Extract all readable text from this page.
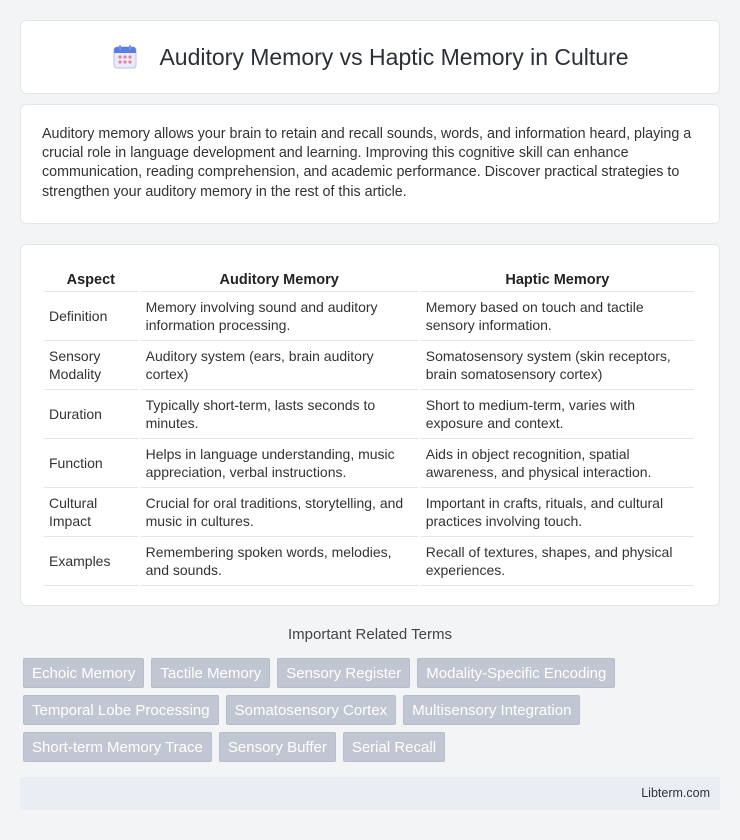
Auditory Memory vs Haptic Memory in Culture

Auditory memory allows your brain to retain and recall sounds, words, and information heard, playing a crucial role in language development and learning. Improving this cognitive skill can enhance communication, reading comprehension, and academic performance. Discover practical strategies to strengthen your auditory memory in the rest of this article.

Aspect	Auditory Memory	Haptic Memory
Definition	Memory involving sound and auditory information processing.	Memory based on touch and tactile sensory information.
Sensory Modality	Auditory system (ears, brain auditory cortex)	Somatosensory system (skin receptors, brain somatosensory cortex)
Duration	Typically short-term, lasts seconds to minutes.	Short to medium-term, varies with exposure and context.
Function	Helps in language understanding, music appreciation, verbal instructions.	Aids in object recognition, spatial awareness, and physical interaction.
Cultural Impact	Crucial for oral traditions, storytelling, and music in cultures.	Important in crafts, rituals, and cultural practices involving touch.
Examples	Remembering spoken words, melodies, and sounds.	Recall of textures, shapes, and physical experiences.
Important Related Terms
Echoic Memory	Tactile Memory	Sensory Register	Modality-Specific Encoding
Temporal Lobe Processing	Somatosensory Cortex	Multisensory Integration
Short-term Memory Trace	Sensory Buffer	Serial Recall
Libterm.com
